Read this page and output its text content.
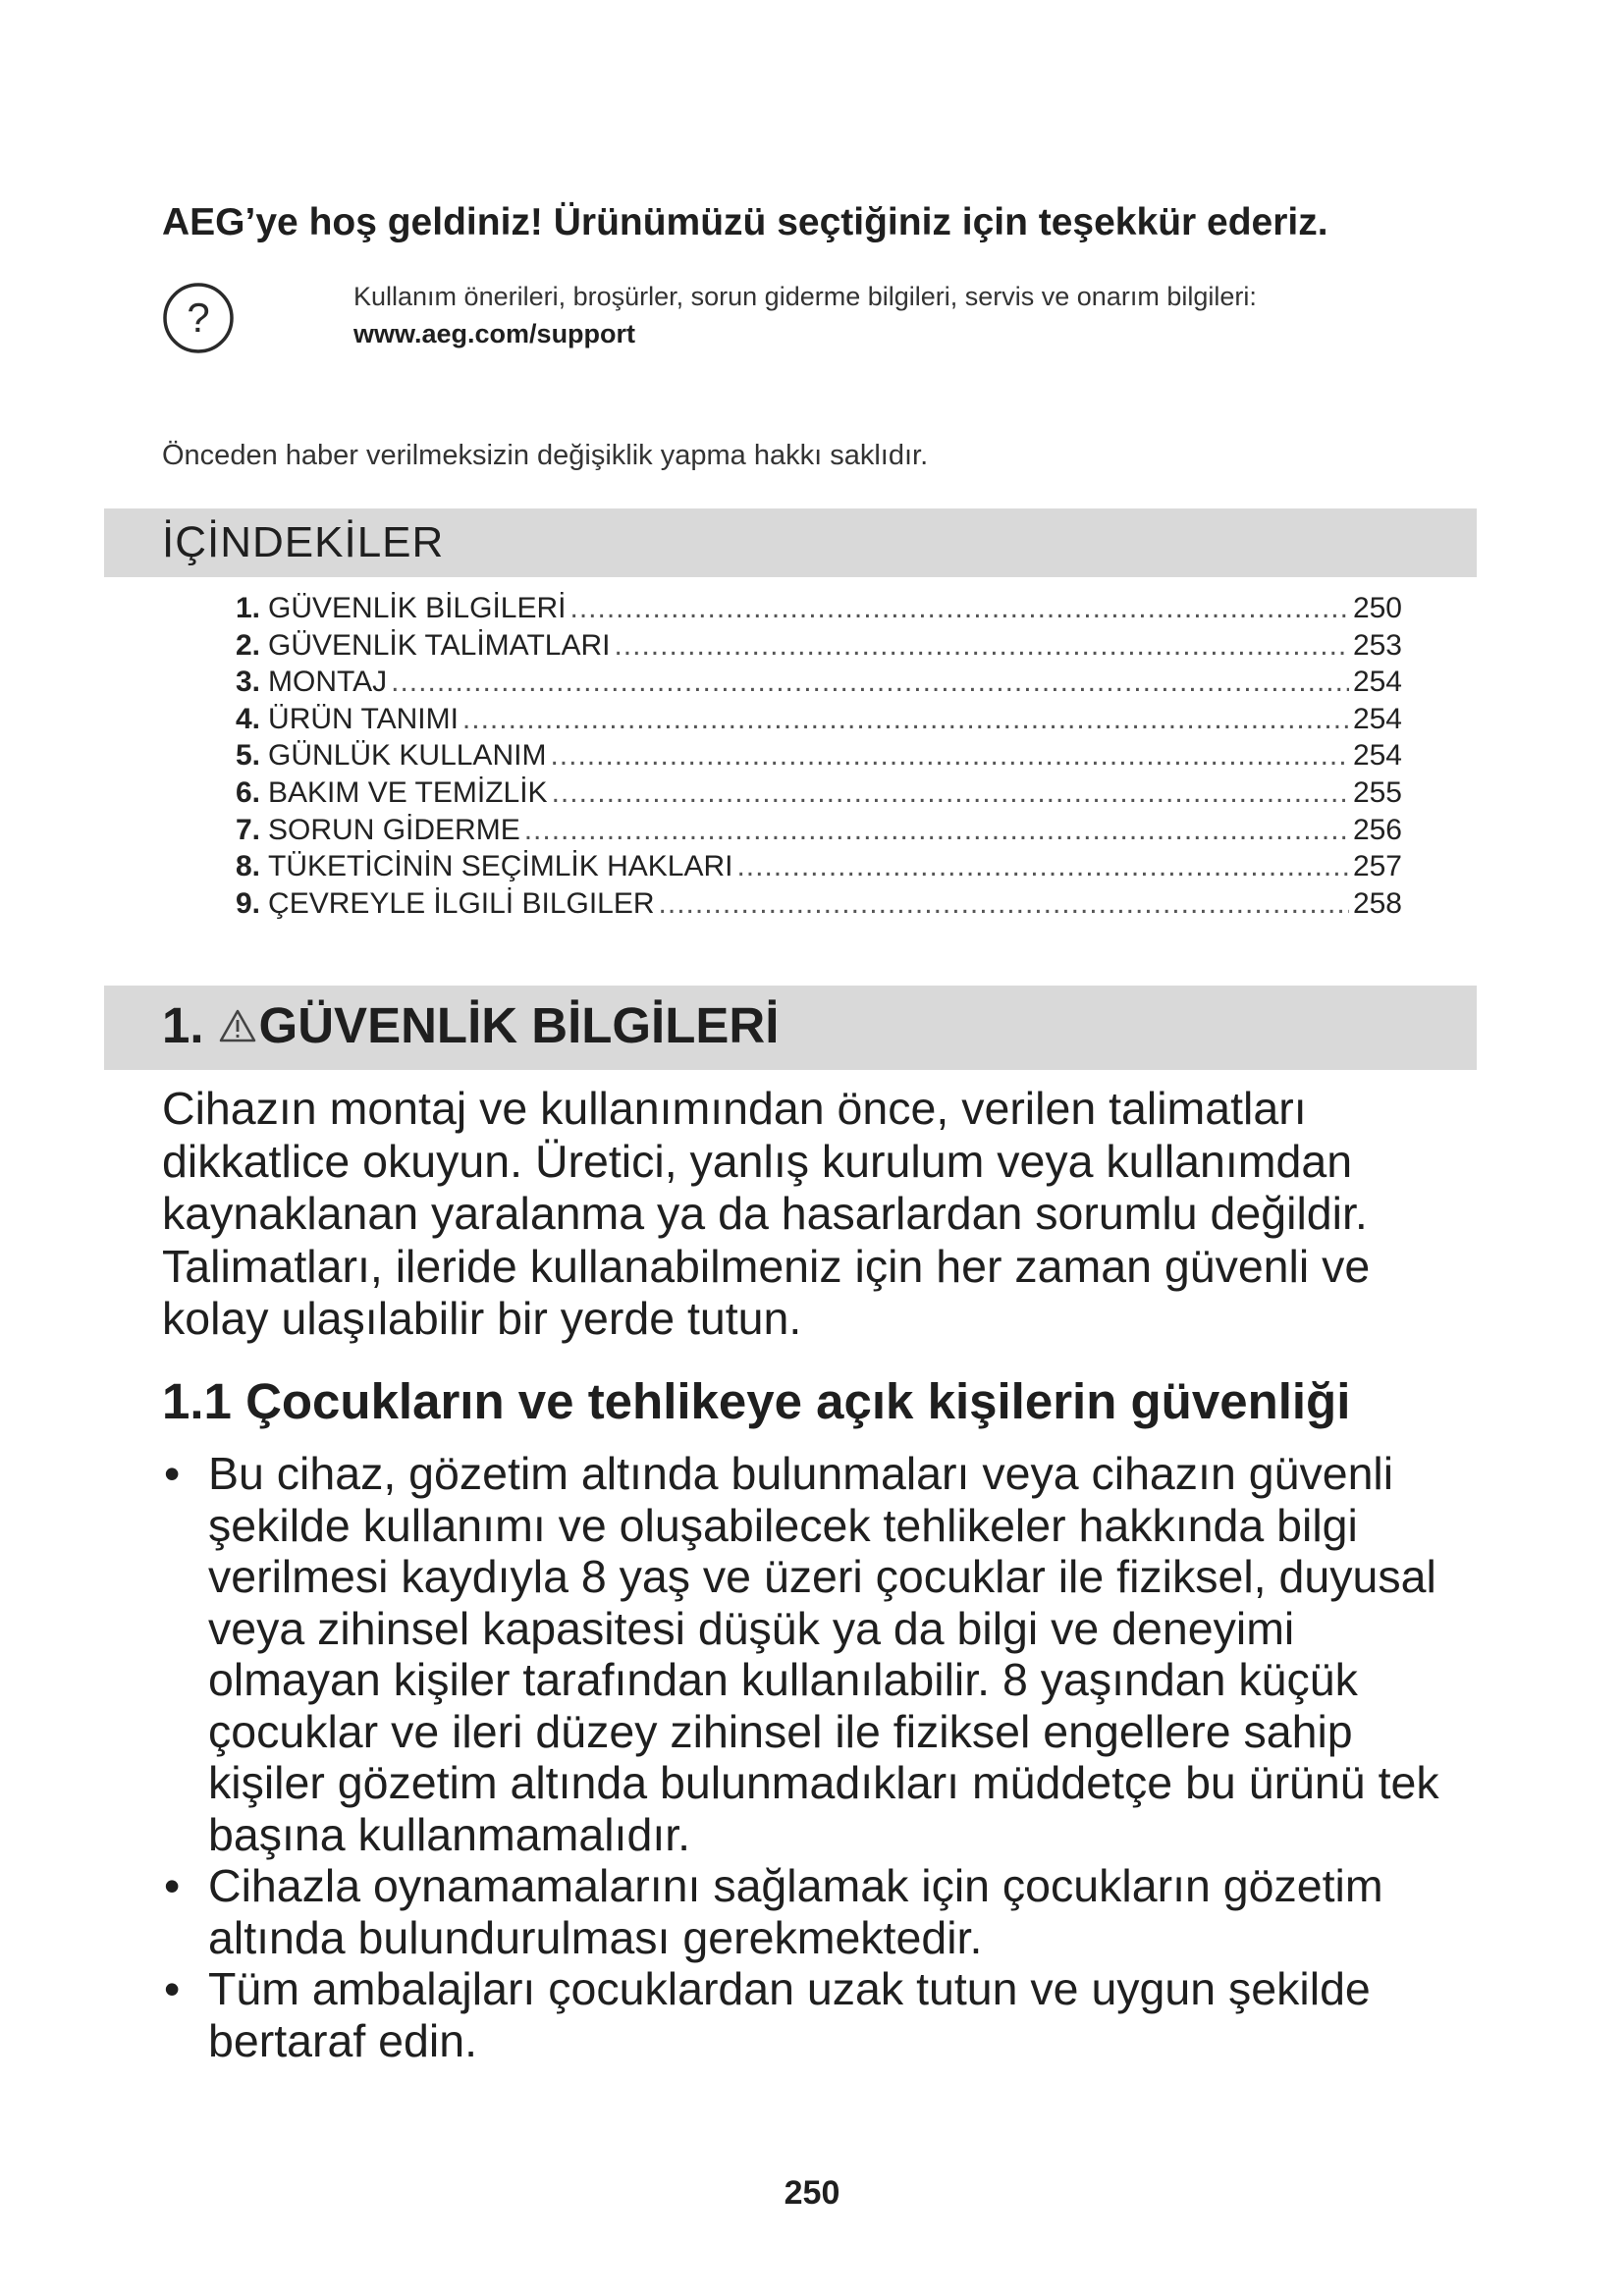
AEG’ye hoş geldiniz! Ürünümüzü seçtiğiniz için teşekkür ederiz.
?	Kullanım önerileri, broşürler, sorun giderme bilgileri, servis ve onarım bilgileri:
www.aeg.com/support
Önceden haber verilmeksizin değişiklik yapma hakkı saklıdır.
İÇİNDEKİLER
1. GÜVENLİK BİLGİLERİ .....	250
2. GÜVENLİK TALİMATLARI .....	253
3. MONTAJ .....	254
4. ÜRÜN TANIMI .....	254
5. GÜNLÜK KULLANIM .....	254
6. BAKIM VE TEMİZLİK .....	255
7. SORUN GİDERME .....	256
8. TÜKETİCİNİN SEÇİMLİK HAKLARI .....	257
9. ÇEVREYLE İLGILİ BILGILER .....	258
1. GÜVENLİK BİLGİLERİ
Cihazın montaj ve kullanımından önce, verilen talimatları dikkatlice okuyun. Üretici, yanlış kurulum veya kullanımdan kaynaklanan yaralanma ya da hasarlardan sorumlu değildir. Talimatları, ileride kullanabilmeniz için her zaman güvenli ve kolay ulaşılabilir bir yerde tutun.
1.1 Çocukların ve tehlikeye açık kişilerin güvenliği
• Bu cihaz, gözetim altında bulunmaları veya cihazın güvenli şekilde kullanımı ve oluşabilecek tehlikeler hakkında bilgi verilmesi kaydıyla 8 yaş ve üzeri çocuklar ile fiziksel, duyusal veya zihinsel kapasitesi düşük ya da bilgi ve deneyimi olmayan kişiler tarafından kullanılabilir. 8 yaşından küçük çocuklar ve ileri düzey zihinsel ile fiziksel engellere sahip kişiler gözetim altında bulunmadıkları müddetçe bu ürünü tek başına kullanmamalıdır.
• Cihazla oynamamalarını sağlamak için çocukların gözetim altında bulundurulması gerekmektedir.
• Tüm ambalajları çocuklardan uzak tutun ve uygun şekilde bertaraf edin.
250
